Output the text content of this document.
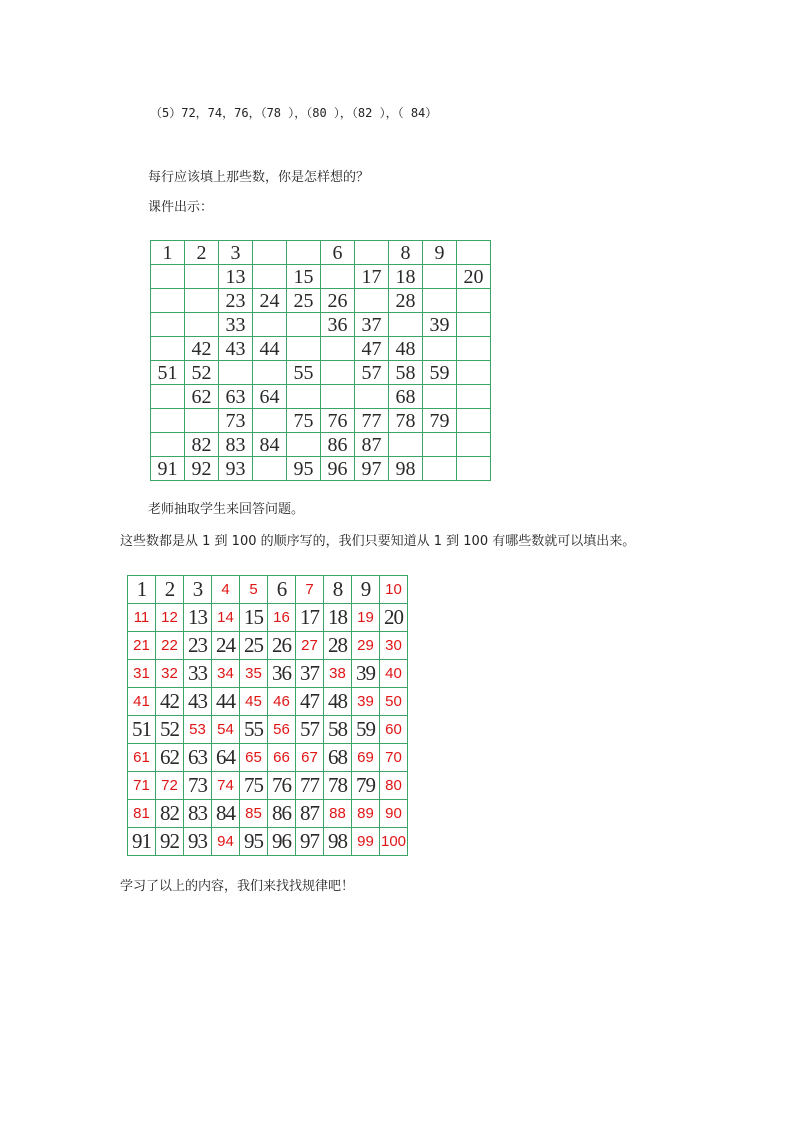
（5）72，74，76，（78 ），（80 ），（82 ），（ 84）
每行应该填上那些数，你是怎样想的？
课件出示：
1	2	3			6		8	9	
		13		15		17	18		20
		23	24	25	26		28		
		33			36	37		39	
	42	43	44			47	48		
51	52			55		57	58	59	
	62	63	64				68		
		73		75	76	77	78	79	
	82	83	84		86	87			
91	92	93		95	96	97	98		
老师抽取学生来回答问题。
这些数都是从 1 到 100 的顺序写的，我们只要知道从 1 到 100 有哪些数就可以填出来。
1	2	3	4	5	6	7	8	9	10
11	12	13	14	15	16	17	18	19	20
21	22	23	24	25	26	27	28	29	30
31	32	33	34	35	36	37	38	39	40
41	42	43	44	45	46	47	48	39	50
51	52	53	54	55	56	57	58	59	60
61	62	63	64	65	66	67	68	69	70
71	72	73	74	75	76	77	78	79	80
81	82	83	84	85	86	87	88	89	90
91	92	93	94	95	96	97	98	99	100
学习了以上的内容，我们来找找规律吧！
